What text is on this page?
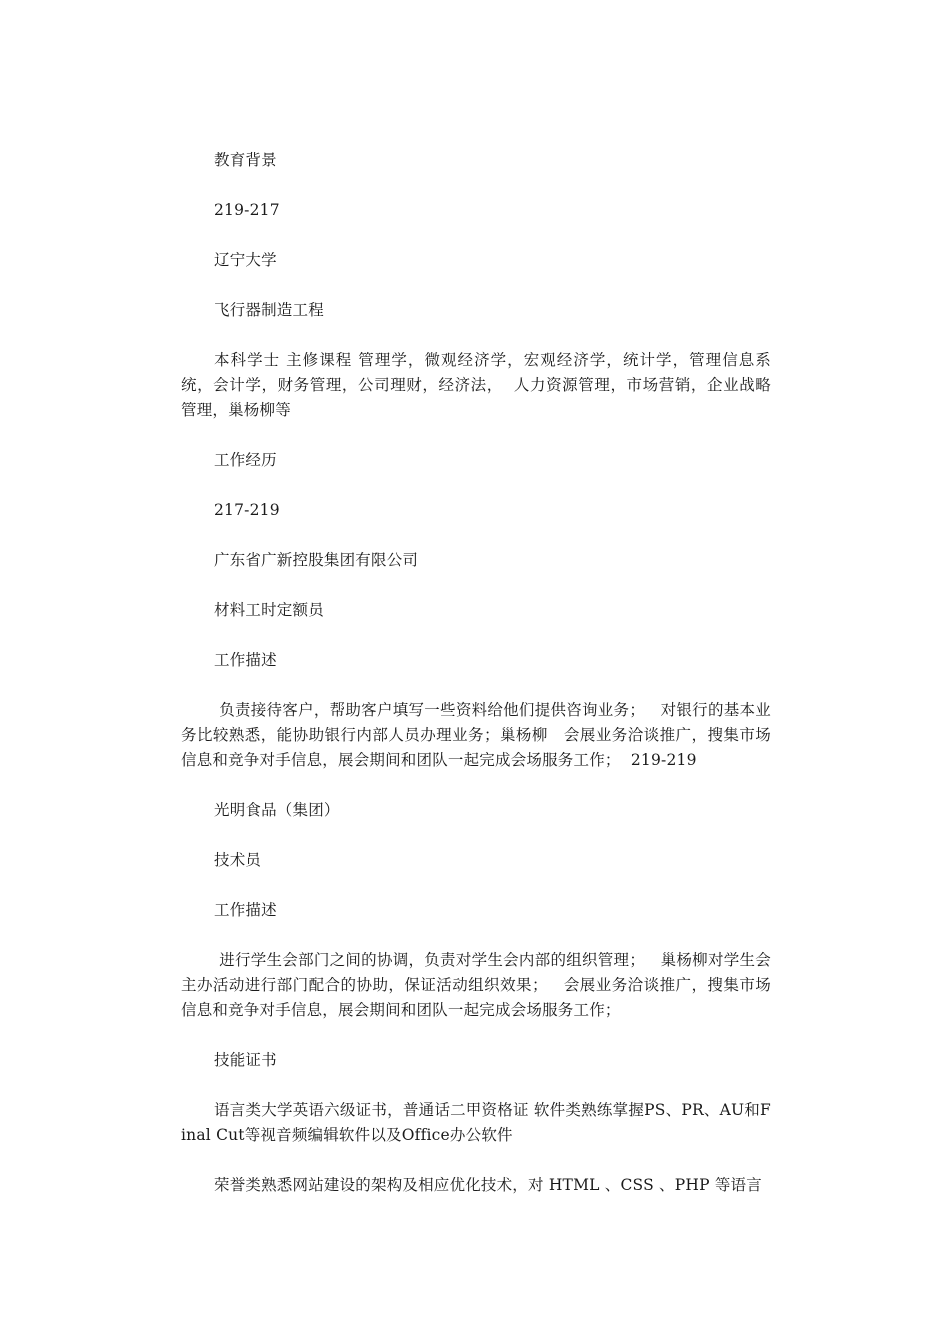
教育背景

219-217

辽宁大学

飞行器制造工程

本科学士 主修课程 管理学，微观经济学，宏观经济学，统计学，管理信息系统，会计学，财务管理，公司理财，经济法，  人力资源管理，市场营销，企业战略管理，巢杨柳等

工作经历

217-219

广东省广新控股集团有限公司

材料工时定额员

工作描述

负责接待客户，帮助客户填写一些资料给他们提供咨询业务；   对银行的基本业务比较熟悉，能协助银行内部人员办理业务；巢杨柳   会展业务洽谈推广，搜集市场信息和竞争对手信息，展会期间和团队一起完成会场服务工作；  219-219

光明食品（集团）

技术员

工作描述

进行学生会部门之间的协调，负责对学生会内部的组织管理；   巢杨柳对学生会主办活动进行部门配合的协助，保证活动组织效果；   会展业务洽谈推广，搜集市场信息和竞争对手信息，展会期间和团队一起完成会场服务工作；

技能证书

语言类大学英语六级证书，普通话二甲资格证 软件类熟练掌握PS、PR、AU和Final Cut等视音频编辑软件以及Office办公软件

荣誉类熟悉网站建设的架构及相应优化技术，对 HTML 、CSS 、PHP 等语言
